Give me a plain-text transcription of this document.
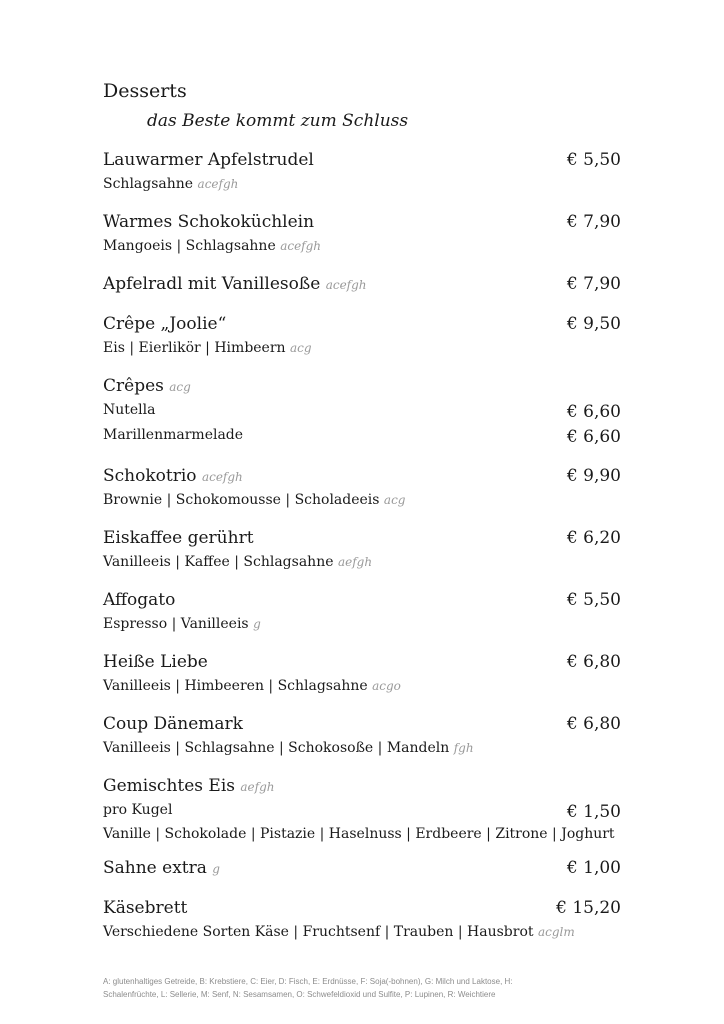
Desserts
das Beste kommt zum Schluss
Lauwarmer Apfelstrudel	€ 5,50
Schlagsahne acefgh
Warmes Schokoküchlein	€ 7,90
Mangoeis | Schlagsahne acefgh
Apfelradl mit Vanillesoße acefgh	€ 7,90
Crêpe „Joolie“	€ 9,50
Eis | Eierlikör | Himbeern acg
Crêpes acg
Nutella	€ 6,60
Marillenmarmelade	€ 6,60
Schokotrio acefgh	€ 9,90
Brownie | Schokomousse | Scholadeeis acg
Eiskaffee gerührt	€ 6,20
Vanilleeis | Kaffee | Schlagsahne aefgh
Affogato	€ 5,50
Espresso | Vanilleeis g
Heiße Liebe	€ 6,80
Vanilleeis | Himbeeren | Schlagsahne acgo
Coup Dänemark	€ 6,80
Vanilleeis | Schlagsahne | Schokosoße | Mandeln fgh
Gemischtes Eis aefgh
pro Kugel	€ 1,50
Vanille | Schokolade | Pistazie | Haselnuss | Erdbeere | Zitrone | Joghurt
Sahne extra g	€ 1,00
Käsebrett	€ 15,20
Verschiedene Sorten Käse | Fruchtsenf | Trauben | Hausbrot acglm
A: glutenhaltiges Getreide, B: Krebstiere, C: Eier, D: Fisch, E: Erdnüsse, F: Soja(-bohnen), G: Milch und Laktose, H:
Schalenfrüchte, L: Sellerie, M: Senf, N: Sesamsamen, O: Schwefeldioxid und Sulfite, P: Lupinen, R: Weichtiere
